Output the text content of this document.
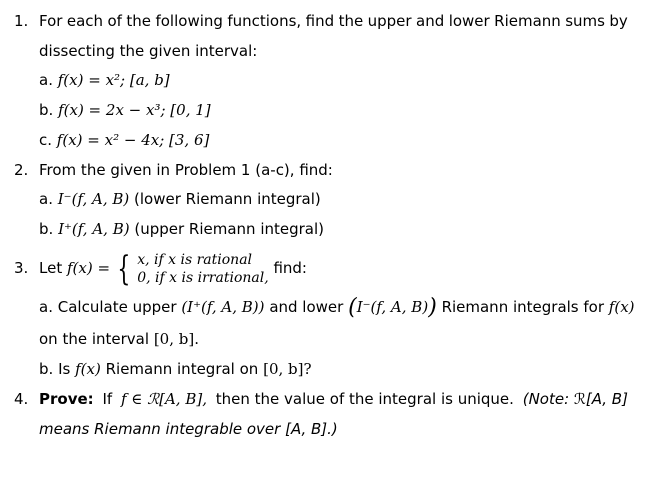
1. For each of the following functions, find the upper and lower Riemann sums by
dissecting the given interval:
a. f(x) = x²; [a, b]
b. f(x) = 2x − x³; [0, 1]
c. f(x) = x² − 4x; [3, 6]
2. From the given in Problem 1 (a-c), find:
a. I⁻(f, A, B) (lower Riemann integral)
b. I⁺(f, A, B) (upper Riemann integral)
3. Let f(x) = { x, if x is rational
0, if x is irrational,
find:
a. Calculate upper (I⁺(f, A, B)) and lower (I⁻(f, A, B)) Riemann integrals for f(x)
on the interval [0, b].
b. Is f(x) Riemann integral on [0, b]?
4. Prove: If f ∈ ℛ[A, B], then the value of the integral is unique. (Note: ℛ[A, B]
means Riemann integrable over [A, B].)
